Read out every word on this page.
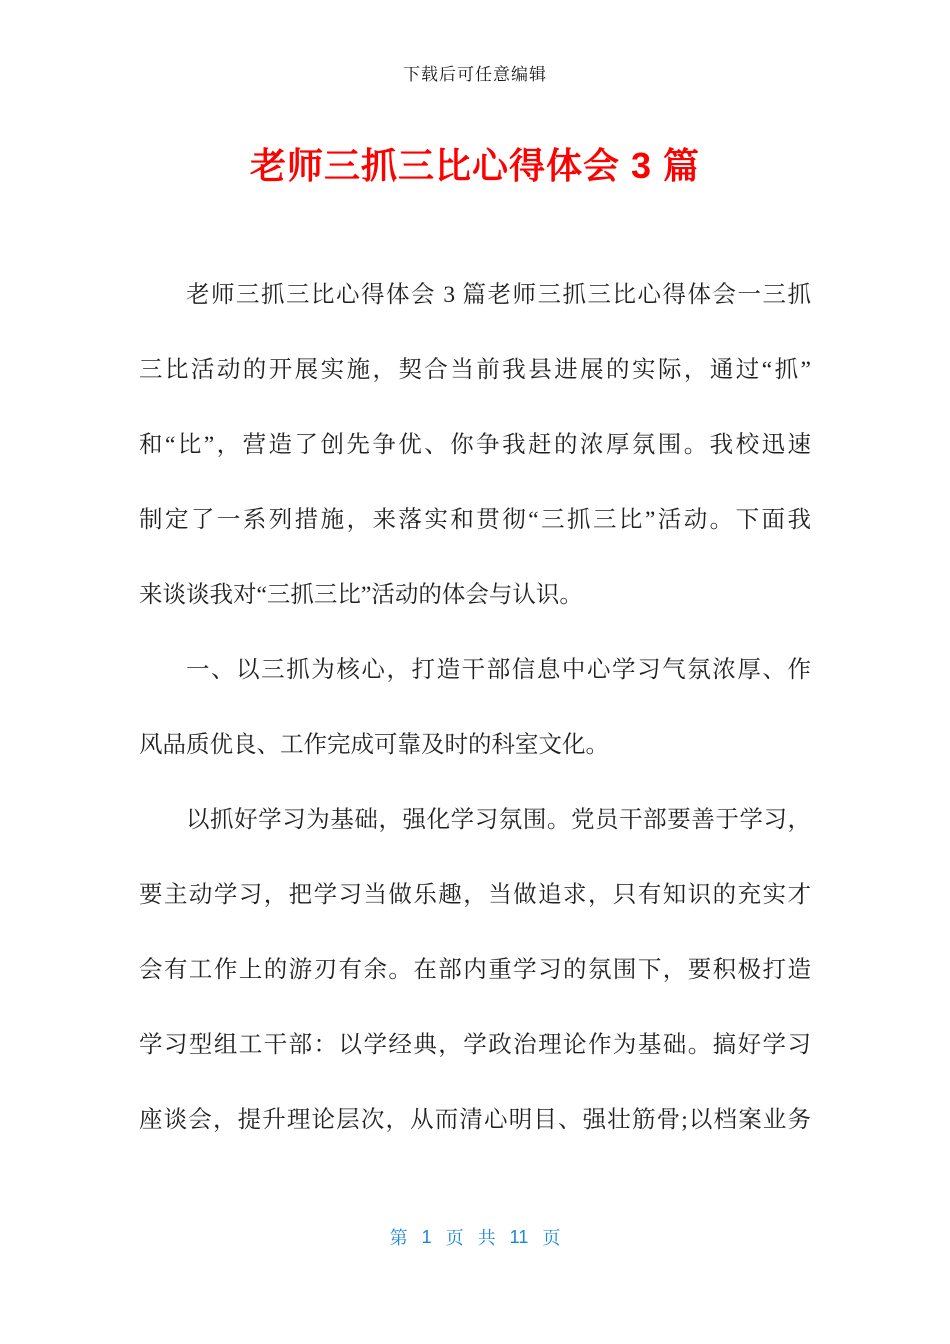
下载后可任意编辑
老师三抓三比心得体会 3 篇
老师三抓三比心得体会 3 篇老师三抓三比心得体会一三抓
三比活动的开展实施，契合当前我县进展的实际，通过“抓”
和“比”，营造了创先争优、你争我赶的浓厚氛围。我校迅速
制定了一系列措施，来落实和贯彻“三抓三比”活动。下面我
来谈谈我对“三抓三比”活动的体会与认识。
一、以三抓为核心，打造干部信息中心学习气氛浓厚、作
风品质优良、工作完成可靠及时的科室文化。
以抓好学习为基础，强化学习氛围。党员干部要善于学习，
要主动学习，把学习当做乐趣，当做追求，只有知识的充实才
会有工作上的游刃有余。在部内重学习的氛围下，要积极打造
学习型组工干部：以学经典，学政治理论作为基础。搞好学习
座谈会，提升理论层次，从而清心明目、强壮筋骨;以档案业务
第 1 页 共 11 页
